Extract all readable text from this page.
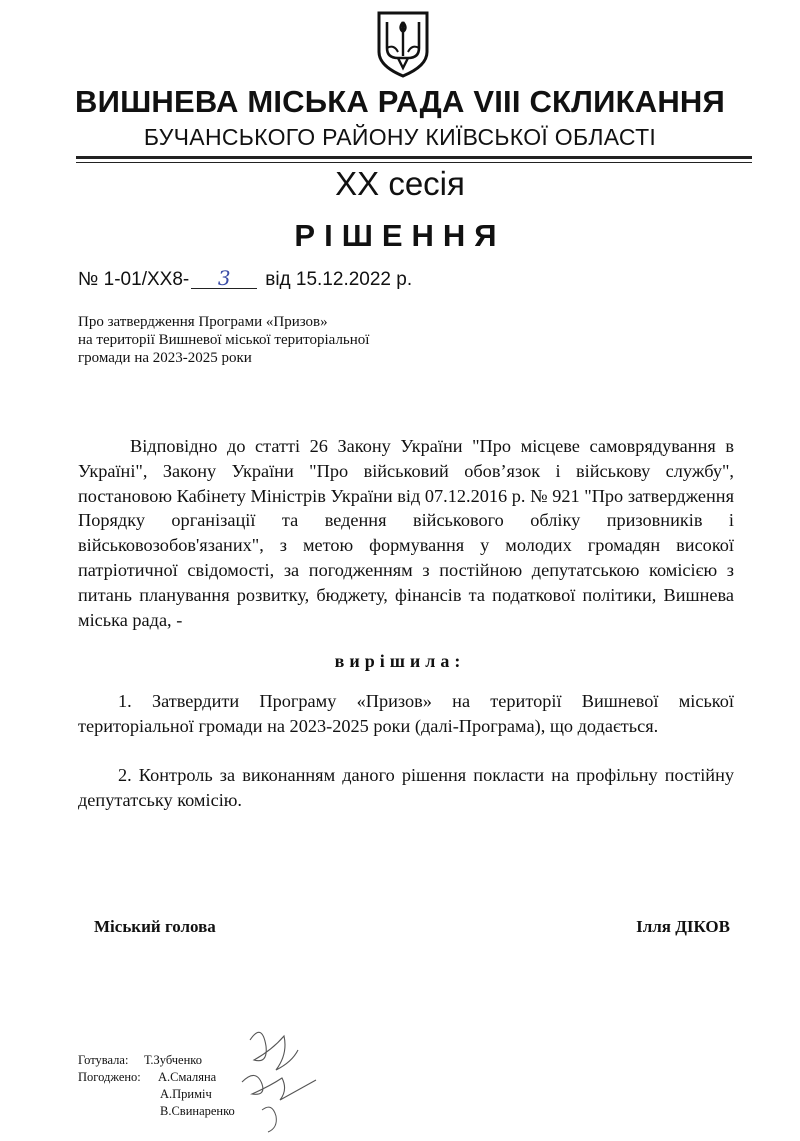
ВИШНЕВА МІСЬКА РАДА VIII СКЛИКАННЯ
БУЧАНСЬКОГО РАЙОНУ КИЇВСЬКОЇ ОБЛАСТІ
XX сесія
РІШЕННЯ
№ 1-01/XX8- 3 від 15.12.2022 р.
Про затвердження Програми «Призов»
на території Вишневої міської територіальної
громади на 2023-2025 роки
Відповідно до статті 26 Закону України "Про місцеве самоврядування в Україні", Закону України "Про військовий обов’язок і військову службу", постановою Кабінету Міністрів України від 07.12.2016 р. № 921 "Про затвердження Порядку організації та ведення військового обліку призовників і військовозобов'язаних", з метою формування у молодих громадян високої патріотичної свідомості, за погодженням з постійною депутатською комісією з питань планування розвитку, бюджету, фінансів та податкової політики, Вишнева міська рада, -
вирішила:
1. Затвердити Програму «Призов» на території Вишневої міської територіальної громади на 2023-2025 роки (далі-Програма), що додається.
2. Контроль за виконанням даного рішення покласти на профільну постійну депутатську комісію.
Міський голова	Ілля ДІКОВ
Готувала: Т.Зубченко
Погоджено: А.Смаляна
А.Приміч
В.Свинаренко
